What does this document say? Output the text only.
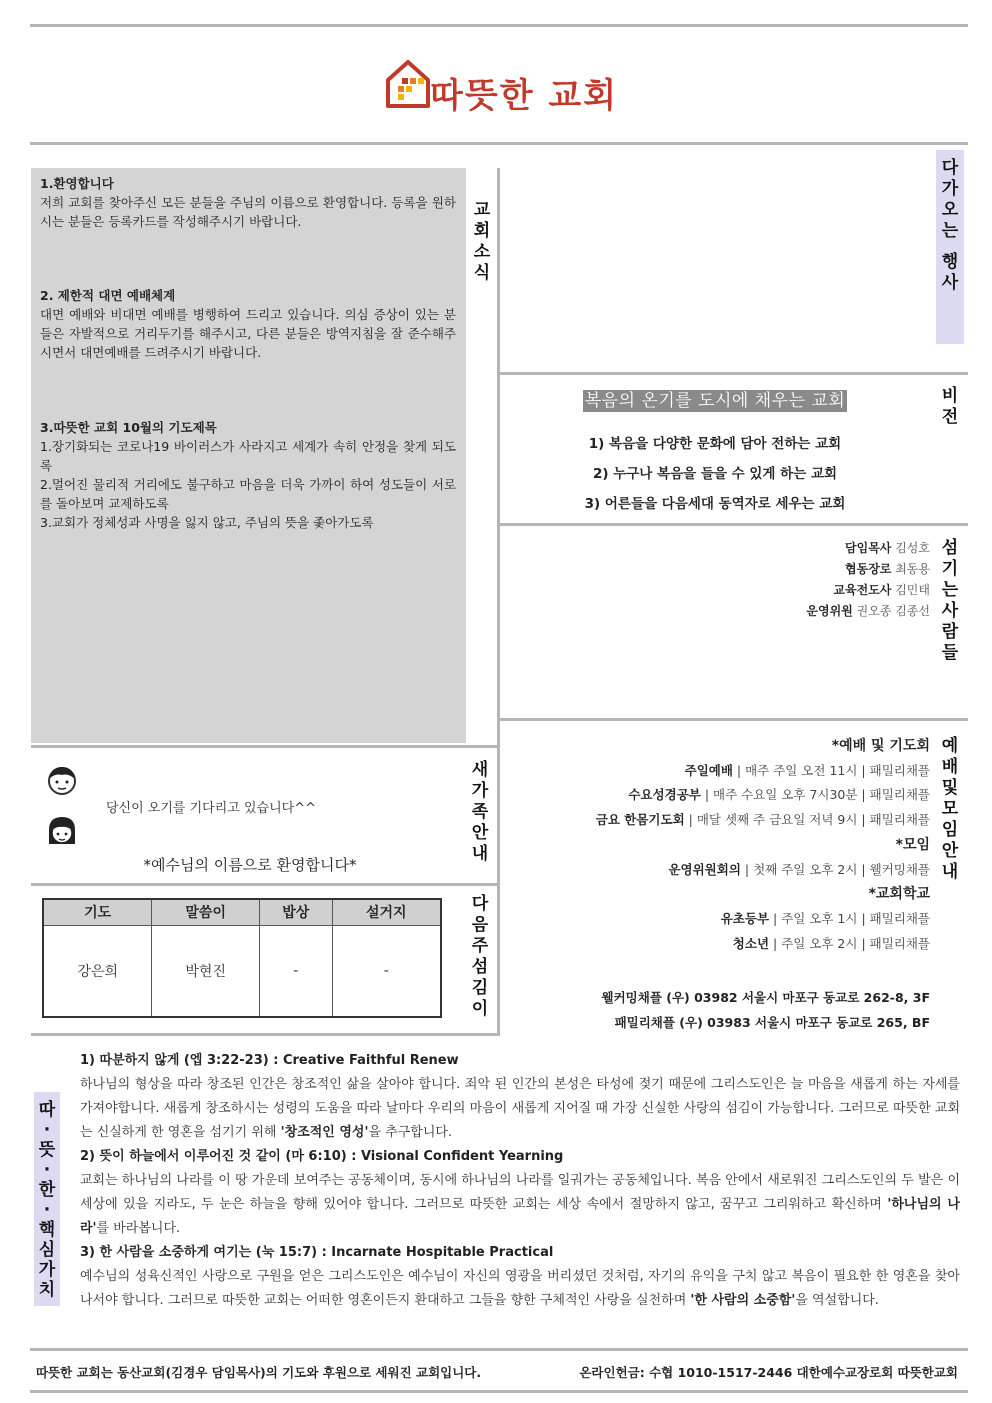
따뜻한 교회
교
회
소
식
1.환영합니다

저희 교회를 찾아주신 모든 분들을 주님의 이름으로 환영합니다. 등록을 원하시는 분들은 등록카드를 작성해주시기 바랍니다.

2. 제한적 대면 예배체계

대면 예배와 비대면 예배를 병행하여 드리고 있습니다. 의심 증상이 있는 분들은 자발적으로 거리두기를 해주시고, 다른 분들은 방역지침을 잘 준수해주시면서 대면예배를 드려주시기 바랍니다.

3.따뜻한 교회 10월의 기도제목

1.장기화되는 코로나19 바이러스가 사라지고 세계가 속히 안정을 찾게 되도록

2.멀어진 물리적 거리에도 불구하고 마음을 더욱 가까이 하여 성도들이 서로를 돌아보며 교제하도록

3.교회가 정체성과 사명을 잃지 않고, 주님의 뜻을 좇아가도록

다
가
오
는
행
사
복음의 온기를 도시에 채우는 교회	비
전
1) 복음을 다양한 문화에 담아 전하는 교회
2) 누구나 복음을 들을 수 있게 하는 교회
3) 어른들을 다음세대 동역자로 세우는 교회
담임목사 김성호
협동장로 최동용
교육전도사 김민태
운영위원 권오종 김종선
섬
기
는
사
람
들
당신이 오기를 기다리고 있습니다^^
*예수님의 이름으로 환영합니다*
새
가
족
안
내
기도	말씀이	밥상	설거지
강은희	박현진	-	-
다
음
주
섬
김
이
*예배 및 기도회
주일예배 | 매주 주일 오전 11시 | 패밀리채플
수요성경공부 | 매주 수요일 오후 7시30분 | 패밀리채플
금요 한몸기도회 | 매달 셋째 주 금요일 저녁 9시 | 패밀리채플
*모임
운영위원회의 | 첫째 주일 오후 2시 | 웰커밍채플
*교회학교
유초등부 | 주일 오후 1시 | 패밀리채플
청소년 | 주일 오후 2시 | 패밀리채플
웰커밍채플 (우) 03982 서울시 마포구 동교로 262-8, 3F
패밀리채플 (우) 03983 서울시 마포구 동교로 265, BF
예
배
및
모
임
안
내
따
·
뜻
·
한
·
핵
심
가
치
1) 따분하지 않게 (엡 3:22-23) : Creative Faithful Renew

하나님의 형상을 따라 창조된 인간은 창조적인 삶을 살아야 합니다. 죄악 된 인간의 본성은 타성에 젖기 때문에 그리스도인은 늘 마음을 새롭게 하는 자세를 가져야합니다. 새롭게 창조하시는 성령의 도움을 따라 날마다 우리의 마음이 새롭게 지어질 때 가장 신실한 사랑의 섬김이 가능합니다. 그러므로 따뜻한 교회는 신실하게 한 영혼을 섬기기 위해 '창조적인 영성'을 추구합니다.

2) 뜻이 하늘에서 이루어진 것 같이 (마 6:10) : Visional Confident Yearning

교회는 하나님의 나라를 이 땅 가운데 보여주는 공동체이며, 동시에 하나님의 나라를 일궈가는 공동체입니다. 복음 안에서 새로워진 그리스도인의 두 발은 이 세상에 있을 지라도, 두 눈은 하늘을 향해 있어야 합니다. 그러므로 따뜻한 교회는 세상 속에서 절망하지 않고, 꿈꾸고 그리워하고 확신하며 '하나님의 나라'를 바라봅니다.

3) 한 사람을 소중하게 여기는 (눅 15:7) : Incarnate Hospitable Practical

예수님의 성육신적인 사랑으로 구원을 얻은 그리스도인은 예수님이 자신의 영광을 버리셨던 것처럼, 자기의 유익을 구치 않고 복음이 필요한 한 영혼을 찾아 나서야 합니다. 그러므로 따뜻한 교회는 어떠한 영혼이든지 환대하고 그들을 향한 구체적인 사랑을 실천하며 '한 사람의 소중함'을 역설합니다.

따뜻한 교회는 동산교회(김경우 담임목사)의 기도와 후원으로 세워진 교회입니다.	온라인헌금: 수협 1010-1517-2446 대한예수교장로회 따뜻한교회
